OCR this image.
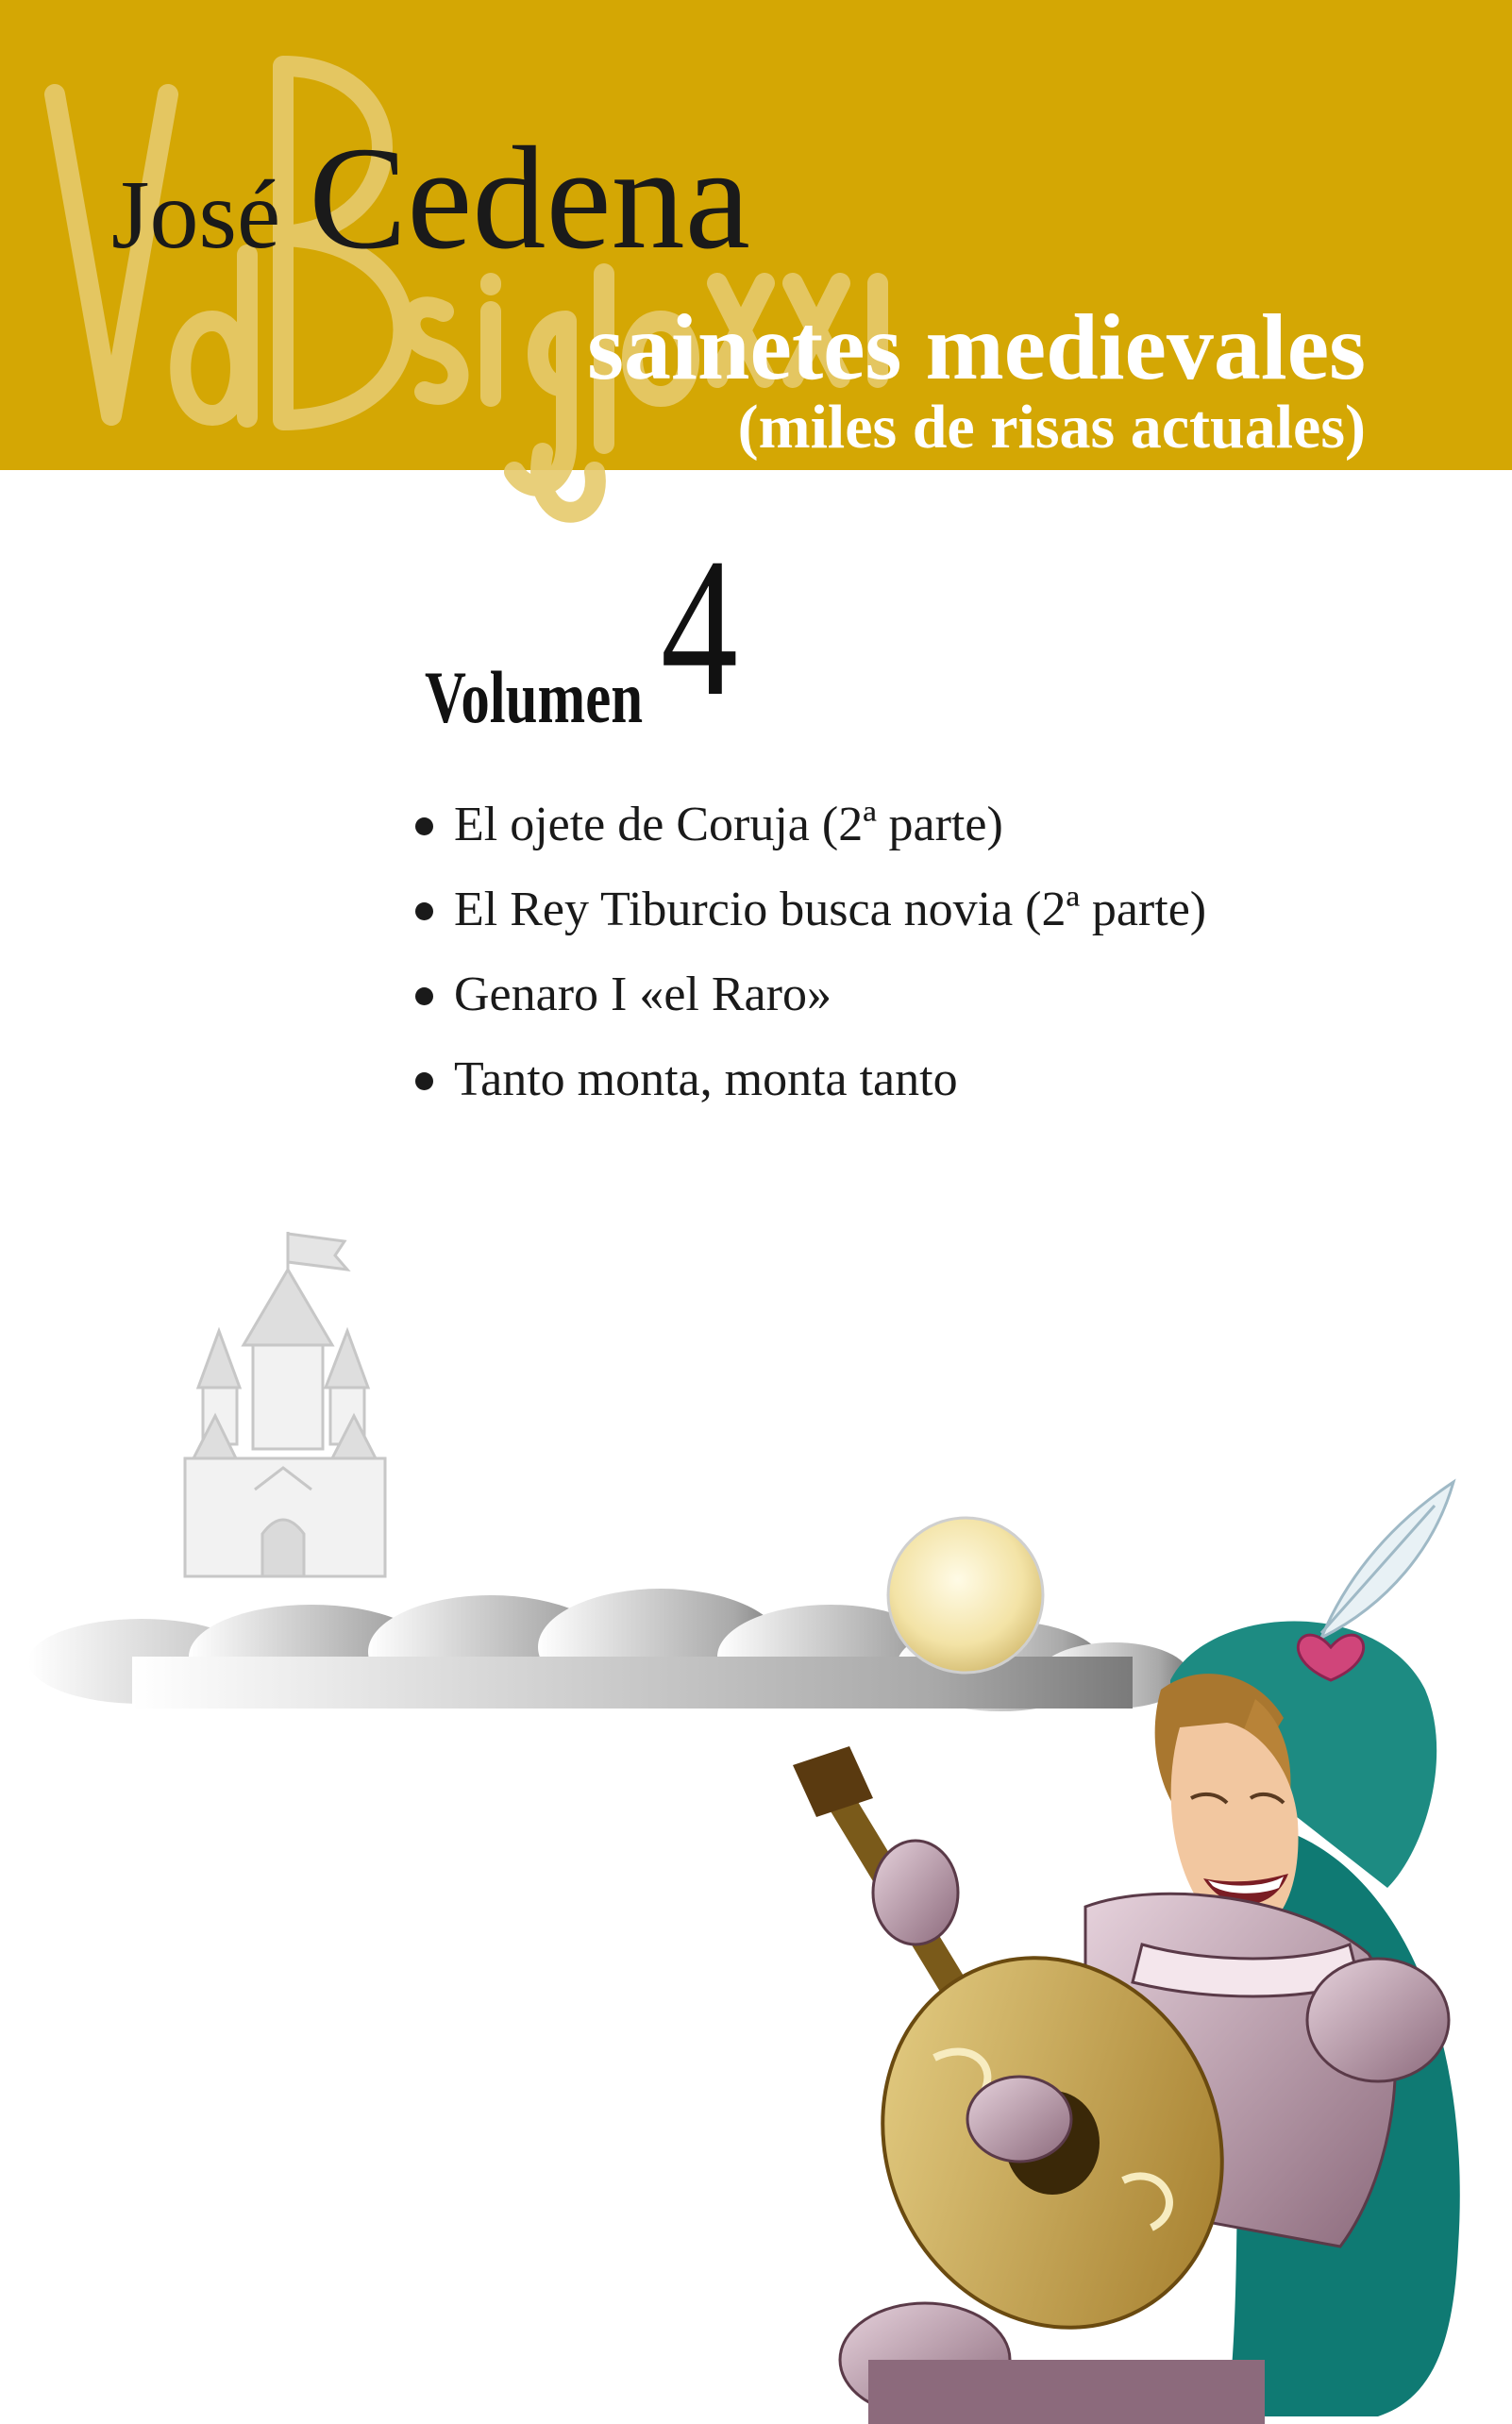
José Cedena
sainetes medievales
(miles de risas actuales)
Volumen 4
El ojete de Coruja (2ª parte)
El Rey Tiburcio busca novia (2ª parte)
Genaro I «el Raro»
Tanto monta, monta tanto
